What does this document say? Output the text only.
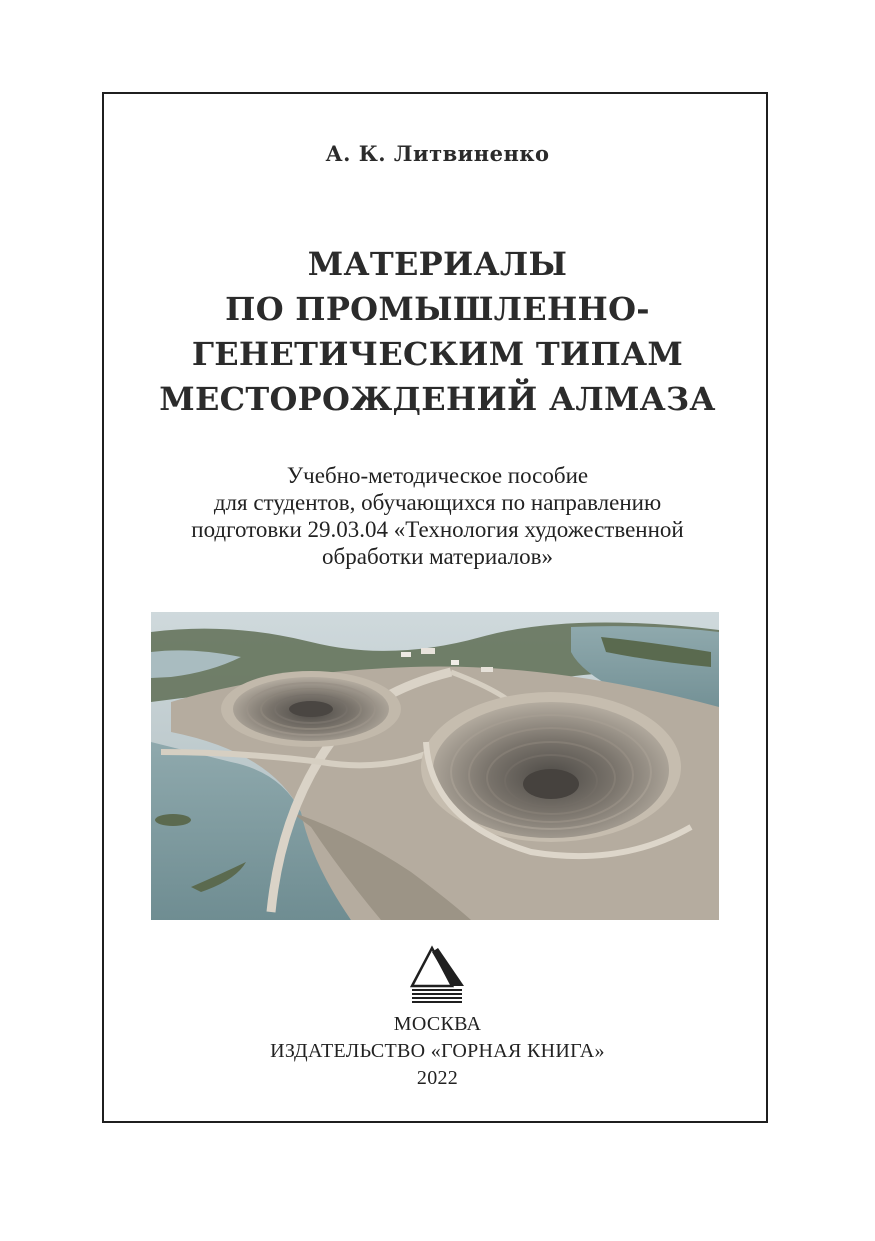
А. К. Литвиненко
МАТЕРИАЛЫ
ПО ПРОМЫШЛЕННО-
ГЕНЕТИЧЕСКИМ ТИПАМ
МЕСТОРОЖДЕНИЙ АЛМАЗА
Учебно-методическое пособие
для студентов, обучающихся по направлению
подготовки 29.03.04 «Технология художественной
обработки материалов»
МОСКВА
ИЗДАТЕЛЬСТВО «ГОРНАЯ КНИГА»
2022
